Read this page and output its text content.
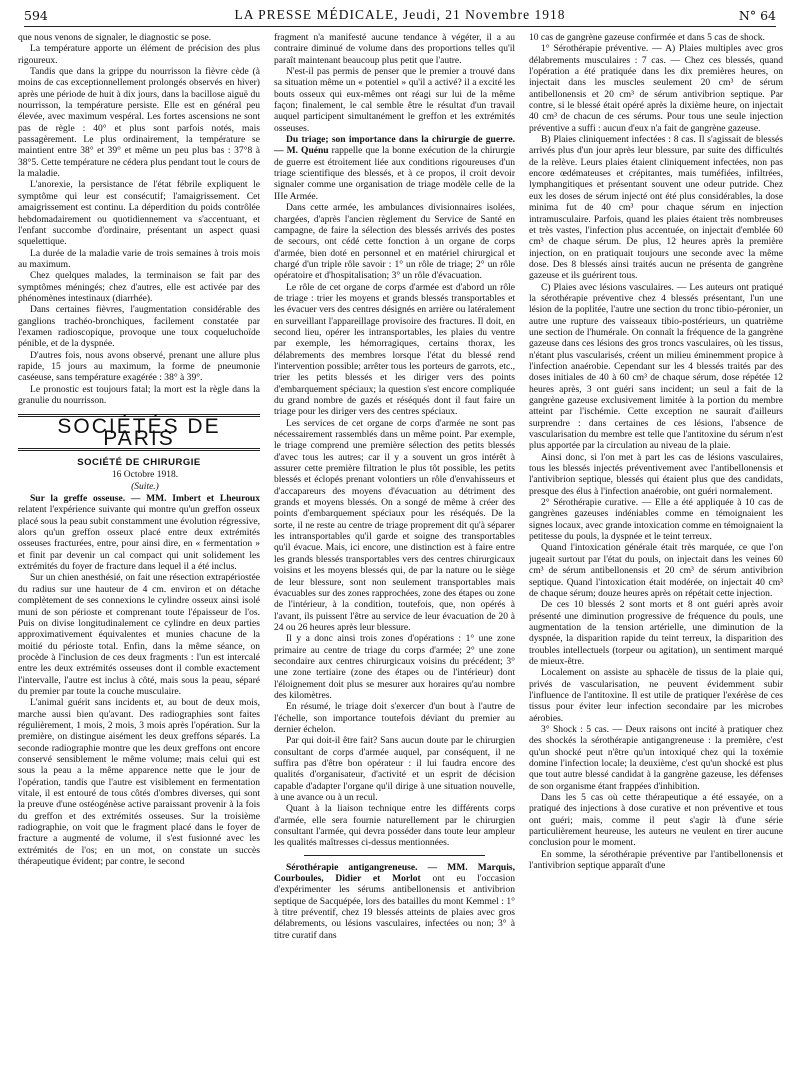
594	LA PRESSE MÉDICALE, Jeudi, 21 Novembre 1918	N° 64

que nous venons de signaler, le diagnostic se pose.

La température apporte un élément de précision des plus rigoureux.

Tandis que dans la grippe du nourrisson la fièvre cède (à moins de cas exceptionnellement prolongés observés en hiver) après une période de huit à dix jours, dans la bacillose aiguë du nourrisson, la température persiste. Elle est en général peu élevée, avec maximum vespéral. Les fortes ascensions ne sont pas de règle : 40° et plus sont parfois notés, mais passagèrement. Le plus ordinairement, la température se maintient entre 38° et 39° et même un peu plus bas : 37°8 à 38°5. Cette température ne cédera plus pendant tout le cours de la maladie.

L'anorexie, la persistance de l'état fébrile expliquent le symptôme qui leur est consécutif; l'amaigrissement. Cet amaigrissement est continu. La déperdition du poids contrôlée hebdomadairement ou quotidiennement va s'accentuant, et l'enfant succombe d'ordinaire, présentant un aspect quasi squelettique.

La durée de la maladie varie de trois semaines à trois mois au maximum.

Chez quelques malades, la terminaison se fait par des symptômes méningés; chez d'autres, elle est activée par des phénomènes intestinaux (diarrhée).

Dans certaines fièvres, l'augmentation considérable des ganglions trachéo-bronchiques, facilement constatée par l'examen radioscopique, provoque une toux coqueluchoïde pénible, et de la dyspnée.

D'autres fois, nous avons observé, prenant une allure plus rapide, 15 jours au maximum, la forme de pneumonie caséeuse, sans température exagérée : 38° à 39°.

Le pronostic est toujours fatal; la mort est la règle dans la granulie du nourrisson.

SOCIÉTÉS DE PARIS
SOCIÉTÉ DE CHIRURGIE

16 Octobre 1918.

(Suite.)

Sur la greffe osseuse. — MM. Imbert et Lheuroux relatent l'expérience suivante qui montre qu'un greffon osseux placé sous la peau subit constamment une évolution régressive, alors qu'un greffon osseux placé entre deux extrémités osseuses fracturées, entre, pour ainsi dire, en « fermentation » et finit par devenir un cal compact qui unit solidement les extrémités du foyer de fracture dans lequel il a été inclus.

Sur un chien anesthésié, on fait une résection extrapériostée du radius sur une hauteur de 4 cm. environ et on détache complètement de ses connexions le cylindre osseux ainsi isolé muni de son périoste et comprenant toute l'épaisseur de l'os. Puis on divise longitudinalement ce cylindre en deux parties approximativement équivalentes et munies chacune de la moitié du périoste total. Enfin, dans la même séance, on procède à l'inclusion de ces deux fragments : l'un est intercalé entre les deux extrémités osseuses dont il comble exactement l'intervalle, l'autre est inclus à côté, mais sous la peau, séparé du premier par toute la couche musculaire.

L'animal guérit sans incidents et, au bout de deux mois, marche aussi bien qu'avant. Des radiographies sont faites régulièrement, 1 mois, 2 mois, 3 mois après l'opération. Sur la première, on distingue aisément les deux greffons séparés. La seconde radiographie montre que les deux greffons ont encore conservé sensiblement le même volume; mais celui qui est sous la peau a la même apparence nette que le jour de l'opération, tandis que l'autre est visiblement en fermentation vitale, il est entouré de tous côtés d'ombres diverses, qui sont la preuve d'une ostéogénèse active paraissant provenir à la fois du greffon et des extrémités osseuses. Sur la troisième radiographie, on voit que le fragment placé dans le foyer de fracture a augmenté de volume, il s'est fusionné avec les extrémités de l'os; en un mot, on constate un succès thérapeutique évident; par contre, le second

fragment n'a manifesté aucune tendance à végéter, il a au contraire diminué de volume dans des proportions telles qu'il paraît maintenant beaucoup plus petit que l'autre.

N'est-il pas permis de penser que le premier a trouvé dans sa situation même un « potentiel » qu'il a activé? il a excité les bouts osseux qui eux-mêmes ont réagi sur lui de la même façon; finalement, le cal semble être le résultat d'un travail auquel participent simultanément le greffon et les extrémités osseuses.

Du triage; son importance dans la chirurgie de guerre. — M. Quénu rappelle que la bonne exécution de la chirurgie de guerre est étroitement liée aux conditions rigoureuses d'un triage scientifique des blessés, et à ce propos, il croit devoir signaler comme une organisation de triage modèle celle de la IIIe Armée.

Dans cette armée, les ambulances divisionnaires isolées, chargées, d'après l'ancien règlement du Service de Santé en campagne, de faire la sélection des blessés arrivés des postes de secours, ont cédé cette fonction à un organe de corps d'armée, bien doté en personnel et en matériel chirurgical et chargé d'un triple rôle savoir : 1° un rôle de triage; 2° un rôle opératoire et d'hospitalisation; 3° un rôle d'évacuation.

Le rôle de cet organe de corps d'armée est d'abord un rôle de triage : trier les moyens et grands blessés transportables et les évacuer vers des centres désignés en arrière ou latéralement en surveillant l'appareillage provisoire des fractures. Il doit, en second lieu, opérer les intransportables, les plaies du ventre par exemple, les hémorragiques, certains thorax, les délabrements des membres lorsque l'état du blessé rend l'intervention possible; arrêter tous les porteurs de garrots, etc., trier les petits blessés et les diriger vers des points d'embarquement spéciaux; la question s'est encore compliquée du grand nombre de gazés et réséqués dont il faut faire un triage pour les diriger vers des centres spéciaux.

Les services de cet organe de corps d'armée ne sont pas nécessairement rassemblés dans un même point. Par exemple, le triage comprend une première sélection des petits blessés d'avec tous les autres; car il y a souvent un gros intérêt à assurer cette première filtration le plus tôt possible, les petits blessés et éclopés prenant volontiers un rôle d'envahisseurs et d'accapareurs des moyens d'évacuation au détriment des grands et moyens blessés. On a songé de même à créer des points d'embarquement spéciaux pour les réséqués. De la sorte, il ne reste au centre de triage proprement dit qu'à séparer les intransportables qu'il garde et soigne des transportables qu'il évacue. Mais, ici encore, une distinction est à faire entre les grands blessés transportables vers des centres chirurgicaux voisins et les moyens blessés qui, de par la nature ou le siège de leur blessure, sont non seulement transportables mais évacuables sur des zones rapprochées, zone des étapes ou zone de l'intérieur, à la condition, toutefois, que, non opérés à l'avant, ils puissent l'être au service de leur évacuation de 20 à 24 ou 26 heures après leur blessure.

Il y a donc ainsi trois zones d'opérations : 1° une zone primaire au centre de triage du corps d'armée; 2° une zone secondaire aux centres chirurgicaux voisins du précédent; 3° une zone tertiaire (zone des étapes ou de l'intérieur) dont l'éloignement doit plus se mesurer aux horaires qu'au nombre des kilomètres.

En résumé, le triage doit s'exercer d'un bout à l'autre de l'échelle, son importance toutefois déviant du premier au dernier échelon.

Par qui doit-il être fait? Sans aucun doute par le chirurgien consultant de corps d'armée auquel, par conséquent, il ne suffira pas d'être bon opérateur : il lui faudra encore des qualités d'organisateur, d'activité et un esprit de décision capable d'adapter l'organe qu'il dirige à une situation nouvelle, à une avance ou à un recul.

Quant à la liaison technique entre les différents corps d'armée, elle sera fournie naturellement par le chirurgien consultant l'armée, qui devra posséder dans toute leur ampleur les qualités maîtresses ci-dessus mentionnées.

Sérothérapie antigangreneuse. — MM. Marquis, Courboules, Didier et Morlot ont eu l'occasion d'expérimenter les sérums antibellonensis et antivibrion septique de Sacquépée, lors des batailles du mont Kemmel : 1° à titre préventif, chez 19 blessés atteints de plaies avec gros délabrements, ou lésions vasculaires, infectées ou non; 3° à titre curatif dans

10 cas de gangrène gazeuse confirmée et dans 5 cas de shock.

1° Sérothérapie préventive. — A) Plaies multiples avec gros délabrements musculaires : 7 cas. — Chez ces blessés, quand l'opération a été pratiquée dans les dix premières heures, on injectait dans les muscles seulement 20 cm³ de sérum antibellonensis et 20 cm³ de sérum antivibrion septique. Par contre, si le blessé était opéré après la dixième heure, on injectait 40 cm³ de chacun de ces sérums. Pour tous une seule injection préventive a suffi : aucun d'eux n'a fait de gangrène gazeuse.

B) Plaies cliniquement infectées : 8 cas. Il s'agissait de blessés arrivés plus d'un jour après leur blessure, par suite des difficultés de la relève. Leurs plaies étaient cliniquement infectées, non pas encore œdémateuses et crépitantes, mais tuméfiées, infiltrées, lymphangitiques et présentant souvent une odeur putride. Chez eux les doses de sérum injecté ont été plus considérables, la dose minima fut de 40 cm³ pour chaque sérum en injection intramusculaire. Parfois, quand les plaies étaient très nombreuses et très vastes, l'infection plus accentuée, on injectait d'emblée 60 cm³ de chaque sérum. De plus, 12 heures après la première injection, on en pratiquait toujours une seconde avec la même dose. Des 8 blessés ainsi traités aucun ne présenta de gangrène gazeuse et ils guérirent tous.

C) Plaies avec lésions vasculaires. — Les auteurs ont pratiqué la sérothérapie préventive chez 4 blessés présentant, l'un une lésion de la poplitée, l'autre une section du tronc tibio-péronier, un autre une rupture des vaisseaux tibio-postérieurs, un quatrième une section de l'humérale. On connaît la fréquence de la gangrène gazeuse dans ces lésions des gros troncs vasculaires, où les tissus, n'étant plus vascularisés, créent un milieu éminemment propice à l'infection anaérobie. Cependant sur les 4 blessés traités par des doses initiales de 40 à 60 cm³ de chaque sérum, dose répétée 12 heures après, 3 ont guéri sans incident; un seul a fait de la gangrène gazeuse exclusivement limitée à la portion du membre atteint par l'ischémie. Cette exception ne saurait d'ailleurs surprendre : dans certaines de ces lésions, l'absence de vascularisation du membre est telle que l'antitoxine du sérum n'est plus apportée par la circulation au niveau de la plaie.

Ainsi donc, si l'on met à part les cas de lésions vasculaires, tous les blessés injectés préventivement avec l'antibellonensis et l'antivibrion septique, blessés qui étaient plus que des candidats, presque des élus à l'infection anaérobie, ont guéri normalement.

2° Sérothérapie curative. — Elle a été appliquée à 10 cas de gangrènes gazeuses indéniables comme en témoignaient les signes locaux, avec grande intoxication comme en témoignaient la petitesse du pouls, la dyspnée et le teint terreux.

Quand l'intoxication générale était très marquée, ce que l'on jugeait surtout par l'état du pouls, on injectait dans les veines 60 cm³ de sérum antibellonensis et 20 cm³ de sérum antivibrion septique. Quand l'intoxication était modérée, on injectait 40 cm³ de chaque sérum; douze heures après on répétait cette injection.

De ces 10 blessés 2 sont morts et 8 ont guéri après avoir présenté une diminution progressive de fréquence du pouls, une augmentation de la tension artérielle, une diminution de la dyspnée, la disparition rapide du teint terreux, la disparition des troubles intellectuels (torpeur ou agitation), un sentiment marqué de mieux-être.

Localement on assiste au sphacèle de tissus de la plaie qui, privés de vascularisation, ne peuvent évidemment subir l'influence de l'antitoxine. Il est utile de pratiquer l'exérèse de ces tissus pour éviter leur infection secondaire par les microbes aérobies.

3° Shock : 5 cas. — Deux raisons ont incité à pratiquer chez des shockés la sérothérapie antigangreneuse : la première, c'est qu'un shocké peut n'être qu'un intoxiqué chez qui la toxémie domine l'infection locale; la deuxième, c'est qu'un shocké est plus que tout autre blessé candidat à la gangrène gazeuse, les défenses de son organisme étant frappées d'inhibition.

Dans les 5 cas où cette thérapeutique a été essayée, on a pratiqué des injections à dose curative et non préventive et tous ont guéri; mais, comme il peut s'agir là d'une série particulièrement heureuse, les auteurs ne veulent en tirer aucune conclusion pour le moment.

En somme, la sérothérapie préventive par l'antibellonensis et l'antivibrion septique apparaît d'une
